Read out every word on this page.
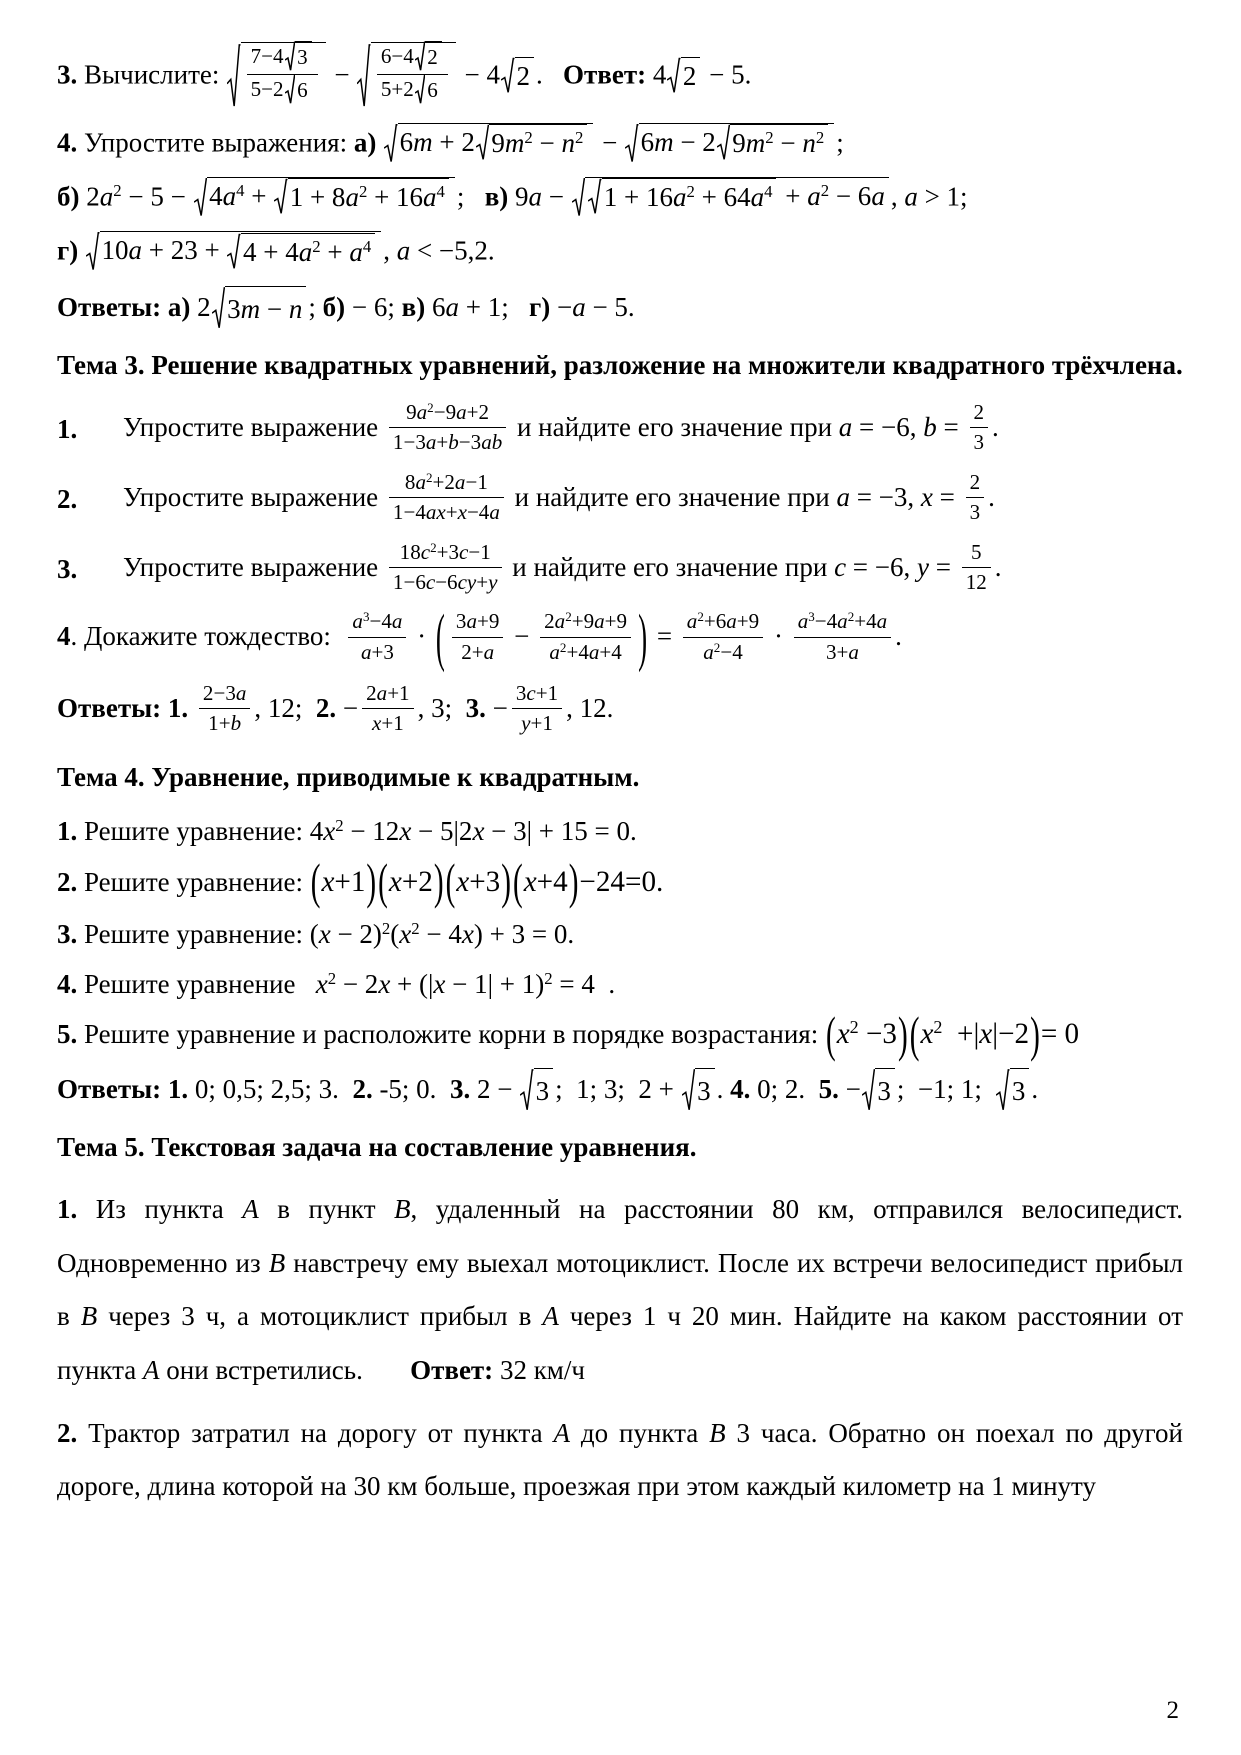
3. Вычислите: $\frac{7-4 3}{5-2 6} - \frac{6-4 2}{5+2 6} - 4$ 2 .   Ответ: 4 2 − 5.
4. Упростите выражения: а) 6m + 2 $9m^2 - n^2 - 6m - 2$ $9m^2 - n^2$ ;
б) $2a^2 - 5 - 4a^4 + 1 + 8a^2 + 16a^4$ ;   в) $9a - 1 + 16a^2 + 64a^4 + a^2 - 6a$ , a > 1;
г) $10a + 23 + 4 + 4a^2 + a^4$ , a < −5,2.
Ответы: а) 2 3m − n ; б) − 6; в) 6a + 1;   г) −a − 5.
Тема 3. Решение квадратных уравнений, разложение на множители квадратного трёхчлена.
1.	Упростите выражение $\frac{9a^2-9a+2}{1-3a+b-3ab}$ и найдите его значение при a = −6, $b = \frac{2}{3}$ .
2.	Упростите выражение $\frac{8a^2+2a-1}{1-4ax+x-4a}$ и найдите его значение при a = −3, $x = \frac{2}{3}$ .
3.	Упростите выражение $\frac{18c^2+3c-1}{1-6c-6cy+y}$ и найдите его значение при c = −6, $y = \frac{5}{12}$ .
4. Докажите тождество: $\frac{a^3-4a}{a+3}$ · ( $\frac{3a+9}{2+a} - \frac{2a^2+9a+9}{a^2+4a+4}$ ) = $\frac{a^2+6a+9}{a^2-4} \cdot \frac{a^3-4a^2+4a}{3+a}$ .
Ответы: 1. $\frac{2-3a}{1+b}$ , 12;  2. − $\frac{2a+1}{x+1}$ , 3;  3. − $\frac{3c+1}{y+1}$ , 12.
Тема 4. Уравнение, приводимые к квадратным.
1. Решите уравнение: $4x^2 - 12x - 5|2x - 3| + 15 = 0$.
2. Решите уравнение: (x+1)(x+2)(x+3)(x+4)−24=0.
3. Решите уравнение: $(x - 2)^2(x^2 - 4x) + 3 = 0$.
4. Решите уравнение   $x^2 - 2x + (|x - 1| + 1)^2 = 4$  .
5. Решите уравнение и расположите корни в порядке возрастания: $(x^2 -3)(x^2 +|x|-2)= 0$
Ответы: 1. 0; 0,5; 2,5; 3.  2. -5; 0.  3. 2 − 3 ;  1; 3;  2 + 3 . 4. 0; 2.  5. − 3 ;  −1; 1; 3 .
Тема 5. Текстовая задача на составление уравнения.
1. Из пункта A в пункт B, удаленный на расстоянии 80 км, отправился велосипедист. Одновременно из B навстречу ему выехал мотоциклист. После их встречи велосипедист прибыл в B через 3 ч, а мотоциклист прибыл в A через 1 ч 20 мин. Найдите на каком расстоянии от пункта A они встретились.       Ответ: 32 км/ч
2. Трактор затратил на дорогу от пункта A до пункта B 3 часа. Обратно он поехал по другой дороге, длина которой на 30 км больше, проезжая при этом каждый километр на 1 минуту
2
